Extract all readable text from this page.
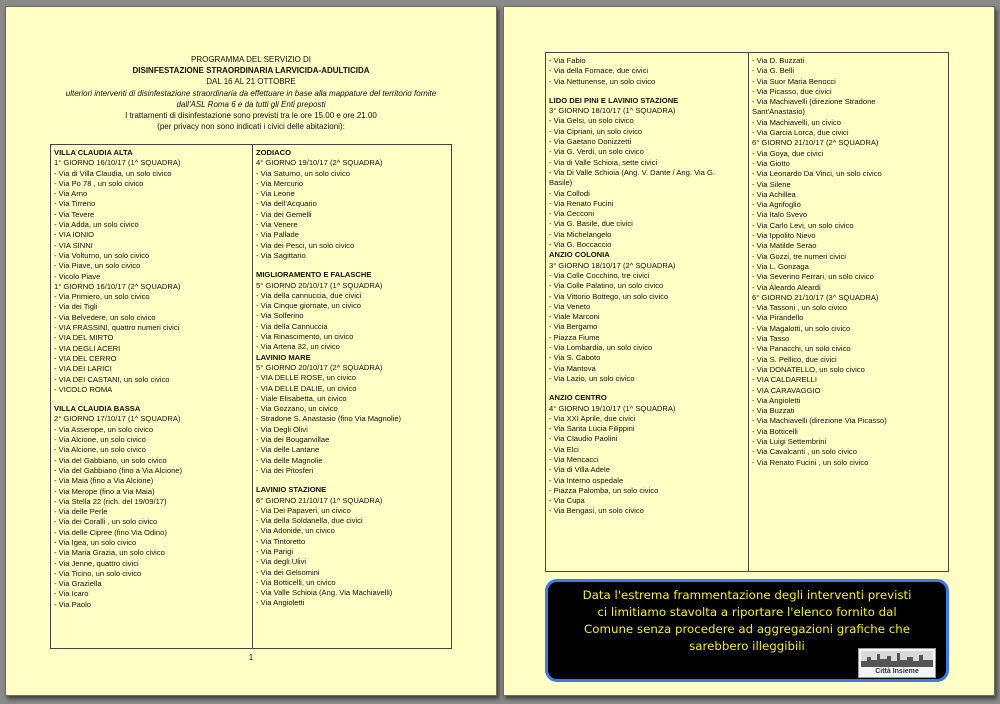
PROGRAMMA DEL SERVIZIO DI
DISINFESTAZIONE STRAORDINARIA LARVICIDA-ADULTICIDA
DAL 16 AL 21 OTTOBRE
ulteriori interventi di disinfestazione straordinaria da effettuare in base alla mappature del territorio fornite
dall'ASL Roma 6 e da tutti gli Enti preposti
I trattamenti di disinfestazione sono previsti tra le ore 15.00 e ore 21.00
(per privacy non sono indicati i civici delle abitazioni):
VILLA CLAUDIA ALTA
1° GIORNO 16/10/17 (1^ SQUADRA)
- Via di Villa Claudia, un solo civico
- Via Po 78 , un solo civico
- Via Arno
- Via Tirreno
- Via Tevere
- Via Adda, un solo civico
- VIA IONIO
- VIA SINNI
- Via Volturno, un solo civico
- Via Piave, un solo civico
- Vicolo Piave
1° GIORNO 16/10/17 (2^ SQUADRA)
- Via Primiero, un solo civico
- Via dei Tigli
- Via Belvedere, un solo civico
- VIA FRASSINI, quattro numeri civici
- VIA DEL MIRTO
- VIA DEGLI ACERI
- VIA DEL CERRO
- VIA DEI LARICI
- VIA DEI CASTANI, un solo civico
- VICOLO ROMA
VILLA CLAUDIA BASSA
2° GIORNO 17/10/17 (1^ SQUADRA)
- Via Asserope, un solo civico
- Via Alcione, un solo civico
- Via Alcione, un solo civico
- Via del Gabbiano, un solo civico
- Via del Gabbiano (fino a Via Alcione)
- Via Maia (fino a Via Alcione)
- Via Merope (fino a Via Maia)
- Via Stella 22 (rich. del 19/09/17)
- Via delle Perle
- Via dei Coralli , un solo civico
- Via delle Cipree (fino Via Odino)
- Via Igea, un solo civico
- Via Maria Grazia, un solo civico
- Via Jenne, quattro civici
- Via Ticino, un solo civico
- Via Graziella
- Via Icaro
- Via Paolo
ZODIACO
4° GIORNO 19/10/17 (2^ SQUADRA)
- Via Saturno, un solo civico
- Via Mercurio
- Via Leone
- Via dell'Acquario
- Via dei Gemelli
- Via Venere
- Via Pallade
- Via dei Pesci, un solo civico
- Via Sagittario
MIGLIORAMENTO E FALASCHE
5° GIORNO 20/10/17 (1^ SQUADRA)
- Via della cannuccia, due civici
- Via Cinque giornate, un civico
- Via Solferino
- Via della Cannuccia
- Via Rinascimento, un civico
- Via Artena 32, un civico
LAVINIO MARE
5° GIORNO 20/10/17 (2^ SQUADRA)
- VIA DELLE ROSE, un civico
- VIA DELLE DALIE, un civico
- Viale Elisabetta, un civico
- Via Gozzano, un civico
- Stradone S. Anastasio (fino Via Magnolie)
- Via Degli Olivi
- Via dei Bouganvillae
- Via delle Lantane
- Via delle Magnolie
- Via dei Pitosferi
LAVINIO STAZIONE
6° GIORNO 21/10/17 (1^ SQUADRA)
- Via Dei Papaveri, un civico
- Via della Soldanella, due civici
- Via Adonide, un civico
- Via Tintoretto
- Via Parigi
- Via degli Ulivi
- Via dei Gelsomini
- Via Botticelli, un civico
- Via Valle Schioia (Ang. Via Machiavelli)
- Via Angioletti
1
- Via Fabio
- Via della Fornace, due civici
- Via Nettunense, un solo civico
LIDO DEI PINI E LAVINIO STAZIONE
3° GIORNO 18/10/17 (1^ SQUADRA)
- Via Gelsi, un solo civico
- Via Cipriani, un solo civico
- Via Gaetano Donizzetti
- Via G. Verdi, un solo civico
- Via di Valle Schioia, sette civici
- Via Di Valle Schioia (Ang. V. Dante / Ang. Via G.
Basile)
- Via Collodi
- Via Renato Fucini
- Via Cecconi
- Via G. Basile, due civici
- Via Michelangelo
- Via G. Boccaccio
ANZIO COLONIA
3° GIORNO 18/10/17 (2^ SQUADRA)
- Via Colle Cocchino, tre civici
- Via Colle Palatino, un solo civico
- Via Vittorio Bottego, un solo civico
- Via Veneto
- Viale Marconi
- Via Bergamo
- Piazza Fiume
- Via Lombardia, un solo civico
- Via S. Caboto
- Via Mantova
- Via Lazio, un solo civico
ANZIO CENTRO
4° GIORNO 19/10/17 (1^ SQUADRA)
- Via XXI Aprile, due civici
- Via Santa Lucia Filippini
- Via Claudio Paolini
- Via Elci
- Via Mencacci
- Via di Villa Adele
- Via Interno ospedale
- Piazza Palomba, un solo civico
- Via Cupa
- Via Bengasi, un solo civico
- Via D. Buzzati
- Via G. Belli
- Via Suor Maria Benocci
- Via Picasso, due civici
- Via Machiavelli (direzione Stradone
Sant'Anastasio)
- Via Machiavelli, un civico
- Via Garcia Lorca, due civici
6° GIORNO 21/10/17 (2^ SQUADRA)
- Via Goya, due civici
- Via Giotto
- Via Leonardo Da Vinci, un solo civico
- Via Silene
- Via Achillea
- Via Agrifoglio
- Via Italo Svevo
- Via Carlo Levi, un solo civico
- Via Ippolito Nievo
- Via Matilde Serao
- Via Gozzi, tre numeri civici
- Via L. Gonzaga
- Via Severino Ferrari, un solo civico
- Via Aleardo Aleardi
6° GIORNO 21/10/17 (3^ SQUADRA)
- Via Tassoni , un solo civico
- Via Pirandello
- Via Magalotti, un solo civico
- Via Tasso
- Via Panacchi, un solo civico
- Via S. Pellico, due civici
- Via DONATELLO, un solo civico
- VIA CALDARELLI
- VIA CARAVAGGIO
- Via Angioletti
- Via Buzzati
- Via Machiavelli (direzione Via Picasso)
- Via Botticelli
- Via Luigi Settembrini
- Via Cavalcanti , un solo civico
- Via Renato Fucini , un solo civico
Data l'estrema frammentazione degli interventi previsti
ci limitiamo stavolta a riportare l'elenco fornito dal
Comune senza procedere ad aggregazioni grafiche che
sarebbero illeggibili
Città Insieme
